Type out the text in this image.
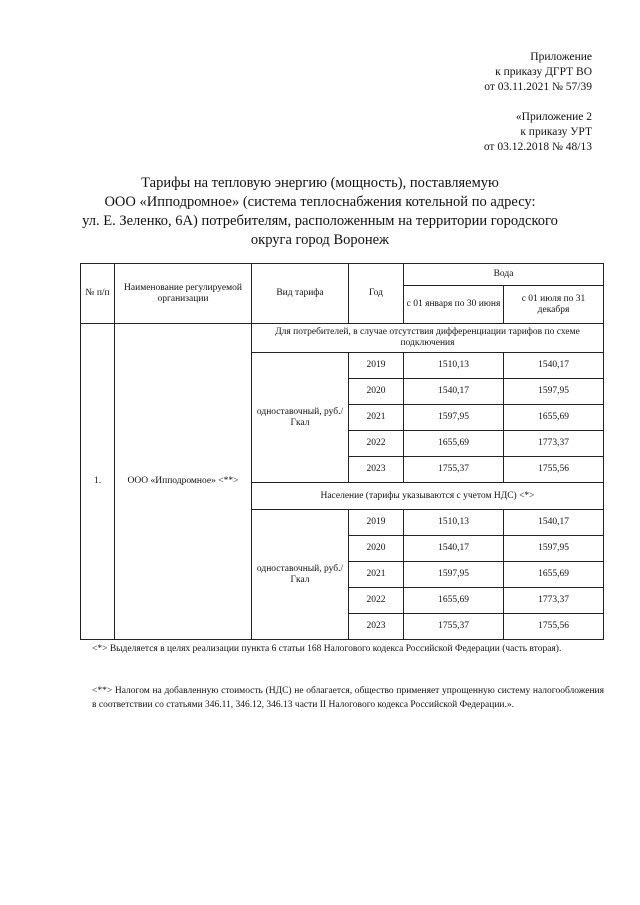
Приложение
к приказу ДГРТ ВО
от 03.11.2021 № 57/39
«Приложение 2
к приказу УРТ
от 03.12.2018 № 48/13
Тарифы на тепловую энергию (мощность), поставляемую
ООО «Ипподромное» (система теплоснабжения котельной по адресу:
ул. Е. Зеленко, 6А) потребителям, расположенным на территории городского
округа город Воронеж
№ п/п	Наименование регулируемой организации	Вид тарифа	Год	Вода	
				с 01 января по 30 июня	с 01 июля по 31 декабря
1.	ООО «Ипподромное» <**>	Для потребителей, в случае отсутствия дифференциации тарифов по схеме подключения			
		одноставочный, руб./Гкал	2019	1510,13	1540,17
			2020	1540,17	1597,95
			2021	1597,95	1655,69
			2022	1655,69	1773,37
			2023	1755,37	1755,56
		Население (тарифы указываются с учетом НДС) <*>			
		одноставочный, руб./Гкал	2019	1510,13	1540,17
			2020	1540,17	1597,95
			2021	1597,95	1655,69
			2022	1655,69	1773,37
			2023	1755,37	1755,56
<*> Выделяется в целях реализации пункта 6 статьи 168 Налогового кодекса Российской Федерации (часть вторая).
<**> Налогом на добавленную стоимость (НДС) не облагается, общество применяет упрощенную систему налогообложения в соответствии со статьями 346.11, 346.12, 346.13 части II Налогового кодекса Российской Федерации.».
